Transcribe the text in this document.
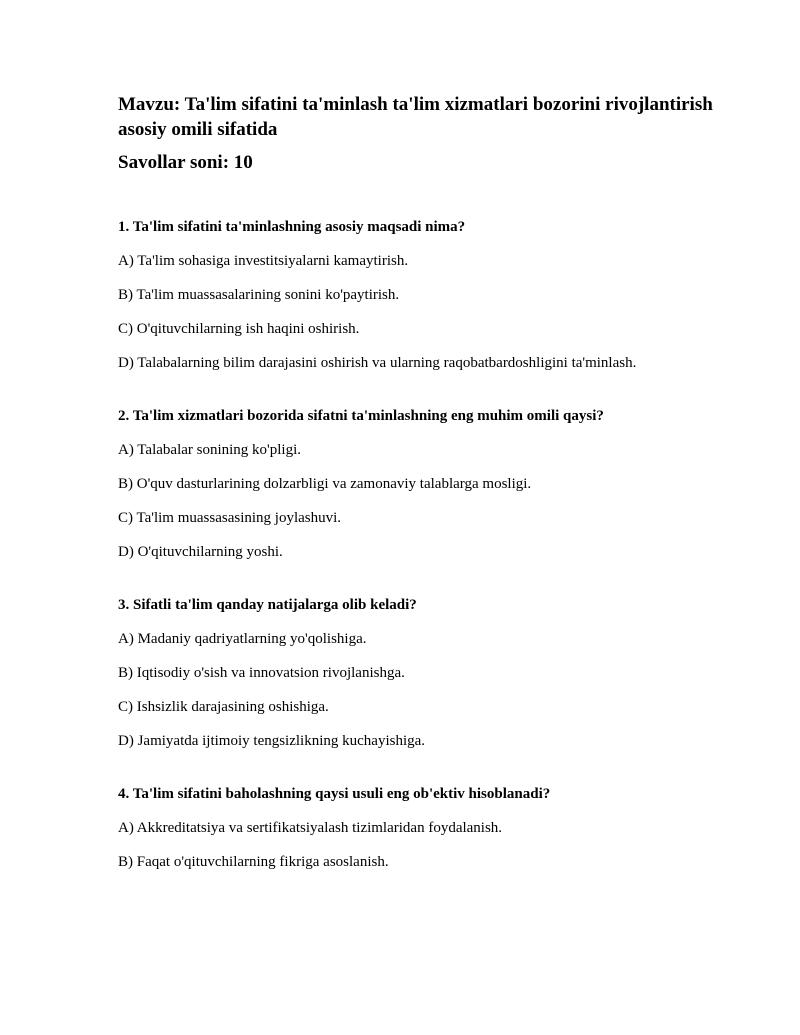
Mavzu: Ta'lim sifatini ta'minlash ta'lim xizmatlari bozorini rivojlantirish asosiy omili sifatida

Savollar soni: 10

1. Ta'lim sifatini ta'minlashning asosiy maqsadi nima?

A) Ta'lim sohasiga investitsiyalarni kamaytirish.

B) Ta'lim muassasalarining sonini ko'paytirish.

C) O'qituvchilarning ish haqini oshirish.

D) Talabalarning bilim darajasini oshirish va ularning raqobatbardoshligini ta'minlash.

2. Ta'lim xizmatlari bozorida sifatni ta'minlashning eng muhim omili qaysi?

A) Talabalar sonining ko'pligi.

B) O'quv dasturlarining dolzarbligi va zamonaviy talablarga mosligi.

C) Ta'lim muassasasining joylashuvi.

D) O'qituvchilarning yoshi.

3. Sifatli ta'lim qanday natijalarga olib keladi?

A) Madaniy qadriyatlarning yo'qolishiga.

B) Iqtisodiy o'sish va innovatsion rivojlanishga.

C) Ishsizlik darajasining oshishiga.

D) Jamiyatda ijtimoiy tengsizlikning kuchayishiga.

4. Ta'lim sifatini baholashning qaysi usuli eng ob'ektiv hisoblanadi?

A) Akkreditatsiya va sertifikatsiyalash tizimlaridan foydalanish.

B) Faqat o'qituvchilarning fikriga asoslanish.
